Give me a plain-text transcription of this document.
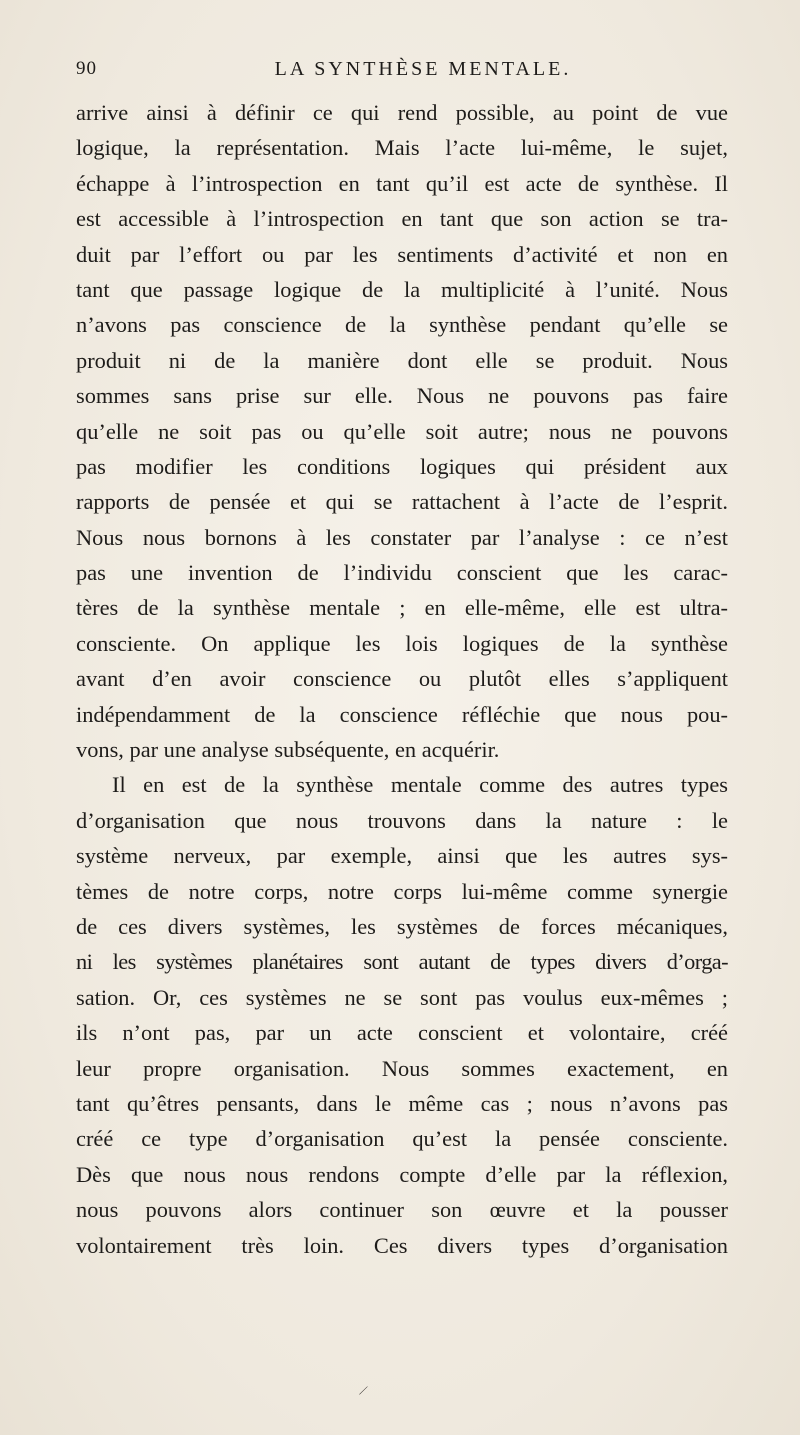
90	LA SYNTHÈSE MENTALE.
arrive ainsi à définir ce qui rend possible, au point de vue
logique, la représentation. Mais l’acte lui-même, le sujet,
échappe à l’introspection en tant qu’il est acte de synthèse. Il
est accessible à l’introspection en tant que son action se tra-
duit par l’effort ou par les sentiments d’activité et non en
tant que passage logique de la multiplicité à l’unité. Nous
n’avons pas conscience de la synthèse pendant qu’elle se
produit ni de la manière dont elle se produit. Nous
sommes sans prise sur elle. Nous ne pouvons pas faire
qu’elle ne soit pas ou qu’elle soit autre; nous ne pouvons
pas modifier les conditions logiques qui président aux
rapports de pensée et qui se rattachent à l’acte de l’esprit.
Nous nous bornons à les constater par l’analyse : ce n’est
pas une invention de l’individu conscient que les carac-
tères de la synthèse mentale ; en elle-même, elle est ultra-
consciente. On applique les lois logiques de la synthèse
avant d’en avoir conscience ou plutôt elles s’appliquent
indépendamment de la conscience réfléchie que nous pou-
vons, par une analyse subséquente, en acquérir.
Il en est de la synthèse mentale comme des autres types
d’organisation que nous trouvons dans la nature : le
système nerveux, par exemple, ainsi que les autres sys-
tèmes de notre corps, notre corps lui-même comme synergie
de ces divers systèmes, les systèmes de forces mécaniques,
ni les systèmes planétaires sont autant de types divers d’orga-
sation. Or, ces systèmes ne se sont pas voulus eux-mêmes ;
ils n’ont pas, par un acte conscient et volontaire, créé
leur propre organisation. Nous sommes exactement, en
tant qu’êtres pensants, dans le même cas ; nous n’avons pas
créé ce type d’organisation qu’est la pensée consciente.
Dès que nous nous rendons compte d’elle par la réflexion,
nous pouvons alors continuer son œuvre et la pousser
volontairement très loin. Ces divers types d’organisation
⁄
